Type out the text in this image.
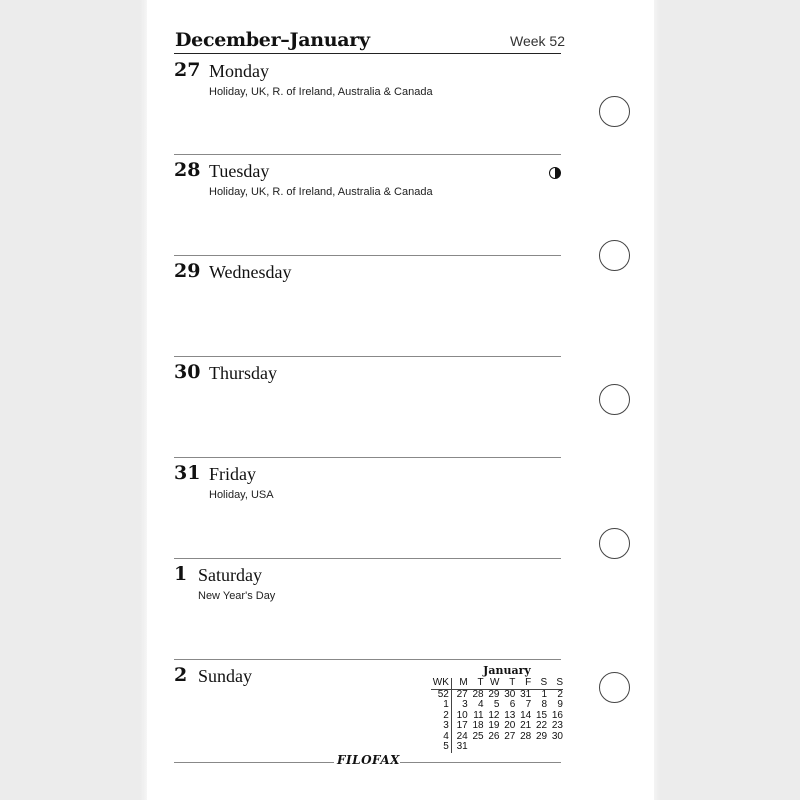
December–January	Week 52
27 Monday
Holiday, UK, R. of Ireland, Australia & Canada
28 Tuesday
Holiday, UK, R. of Ireland, Australia & Canada
29 Wednesday
30 Thursday
31 Friday
Holiday, USA
1 Saturday
New Year's Day
2 Sunday	January
WK	M T W T F S S
52 27 28 29 30 31	1	2
1	3	4	5	6	7	8	9
2 10 11 12 13 14 15 16
3 17 18 19 20 21 22 23
4 24 25 26 27 28 29 30
5 31
FILOFAX
